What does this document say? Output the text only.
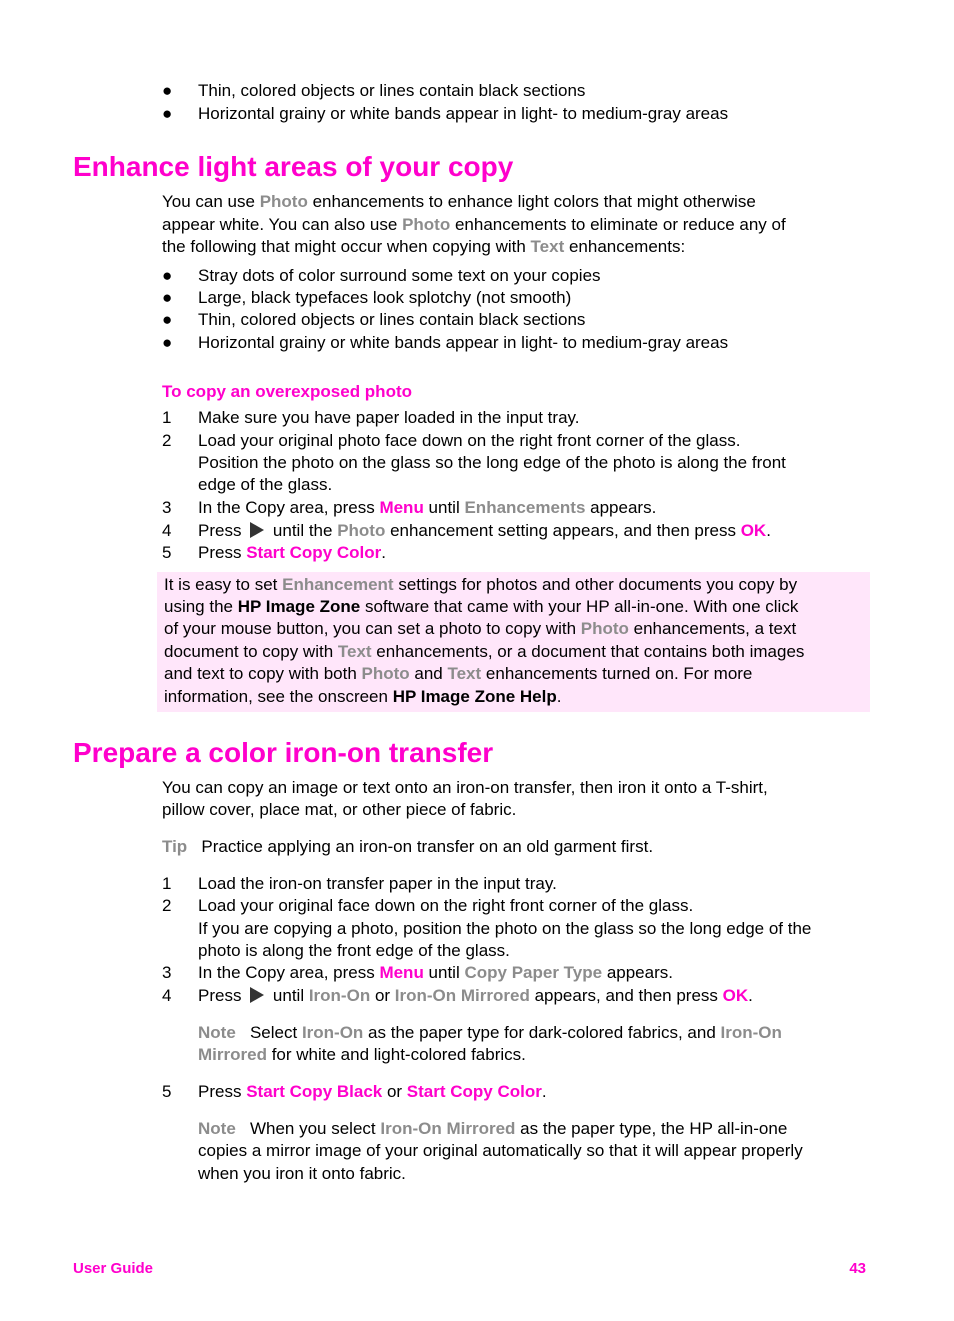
● Thin, colored objects or lines contain black sections
● Horizontal grainy or white bands appear in light- to medium-gray areas
Enhance light areas of your copy
You can use Photo enhancements to enhance light colors that might otherwise
appear white. You can also use Photo enhancements to eliminate or reduce any of
the following that might occur when copying with Text enhancements:
● Stray dots of color surround some text on your copies
● Large, black typefaces look splotchy (not smooth)
● Thin, colored objects or lines contain black sections
● Horizontal grainy or white bands appear in light- to medium-gray areas
To copy an overexposed photo
1 Make sure you have paper loaded in the input tray.
2 Load your original photo face down on the right front corner of the glass.
Position the photo on the glass so the long edge of the photo is along the front
edge of the glass.
3 In the Copy area, press Menu until Enhancements appears.
4 Press  until the Photo enhancement setting appears, and then press OK.
5 Press Start Copy Color.
It is easy to set Enhancement settings for photos and other documents you copy by
using the HP Image Zone software that came with your HP all-in-one. With one click
of your mouse button, you can set a photo to copy with Photo enhancements, a text
document to copy with Text enhancements, or a document that contains both images
and text to copy with both Photo and Text enhancements turned on. For more
information, see the onscreen HP Image Zone Help.
Prepare a color iron-on transfer
You can copy an image or text onto an iron-on transfer, then iron it onto a T-shirt,
pillow cover, place mat, or other piece of fabric.
Tip Practice applying an iron-on transfer on an old garment first.
1 Load the iron-on transfer paper in the input tray.
2 Load your original face down on the right front corner of the glass.
If you are copying a photo, position the photo on the glass so the long edge of the
photo is along the front edge of the glass.
3 In the Copy area, press Menu until Copy Paper Type appears.
4 Press  until Iron-On or Iron-On Mirrored appears, and then press OK.
Note Select Iron-On as the paper type for dark-colored fabrics, and Iron-On
Mirrored for white and light-colored fabrics.
5 Press Start Copy Black or Start Copy Color.
Note When you select Iron-On Mirrored as the paper type, the HP all-in-one
copies a mirror image of your original automatically so that it will appear properly
when you iron it onto fabric.
User Guide	43
